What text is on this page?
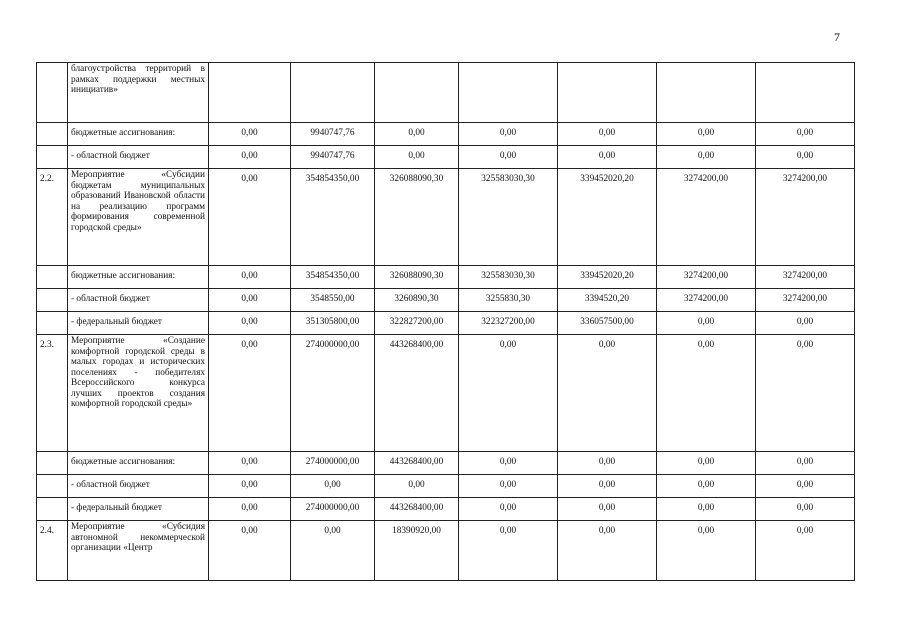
7
	благоустройства территорий в рамках поддержки местных инициатив»							
	бюджетные ассигнования:	0,00	9940747,76	0,00	0,00	0,00	0,00	0,00
	- областной бюджет	0,00	9940747,76	0,00	0,00	0,00	0,00	0,00
2.2.	Мероприятие «Субсидии бюджетам муниципальных образований Ивановской области на реализацию программ формирования современной городской среды»	0,00	354854350,00	326088090,30	325583030,30	339452020,20	3274200,00	3274200,00
	бюджетные ассигнования:	0,00	354854350,00	326088090,30	325583030,30	339452020,20	3274200,00	3274200,00
	- областной бюджет	0,00	3548550,00	3260890,30	3255830,30	3394520,20	3274200,00	3274200,00
	- федеральный бюджет	0,00	351305800,00	322827200,00	322327200,00	336057500,00	0,00	0,00
2.3.	Мероприятие «Создание комфортной городской среды в малых городах и исторических поселениях - победителях Всероссийского конкурса лучших проектов создания комфортной городской среды»	0,00	274000000,00	443268400,00	0,00	0,00	0,00	0,00
	бюджетные ассигнования:	0,00	274000000,00	443268400,00	0,00	0,00	0,00	0,00
	- областной бюджет	0,00	0,00	0,00	0,00	0,00	0,00	0,00
	- федеральный бюджет	0,00	274000000,00	443268400,00	0,00	0,00	0,00	0,00
2.4.	Мероприятие «Субсидия автономной некоммерческой организации «Центр	0,00	0,00	18390920,00	0,00	0,00	0,00	0,00
